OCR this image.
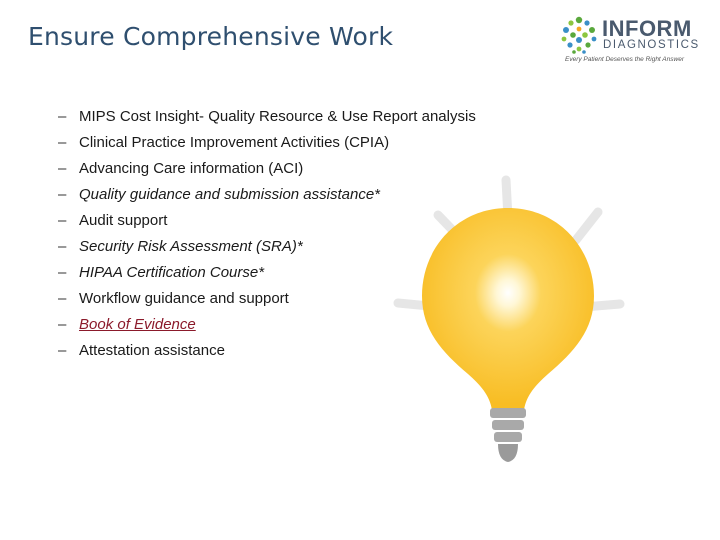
Ensure Comprehensive Work	INFORM
DIAGNOSTICS
Every Patient Deserves the Right Answer
– MIPS Cost Insight- Quality Resource & Use Report analysis
– Clinical Practice Improvement Activities (CPIA)
– Advancing Care information (ACI)
– Quality guidance and submission assistance*
– Audit support
– Security Risk Assessment (SRA)*
– HIPAA Certification Course*
– Workflow guidance and support
– Book of Evidence
– Attestation assistance
